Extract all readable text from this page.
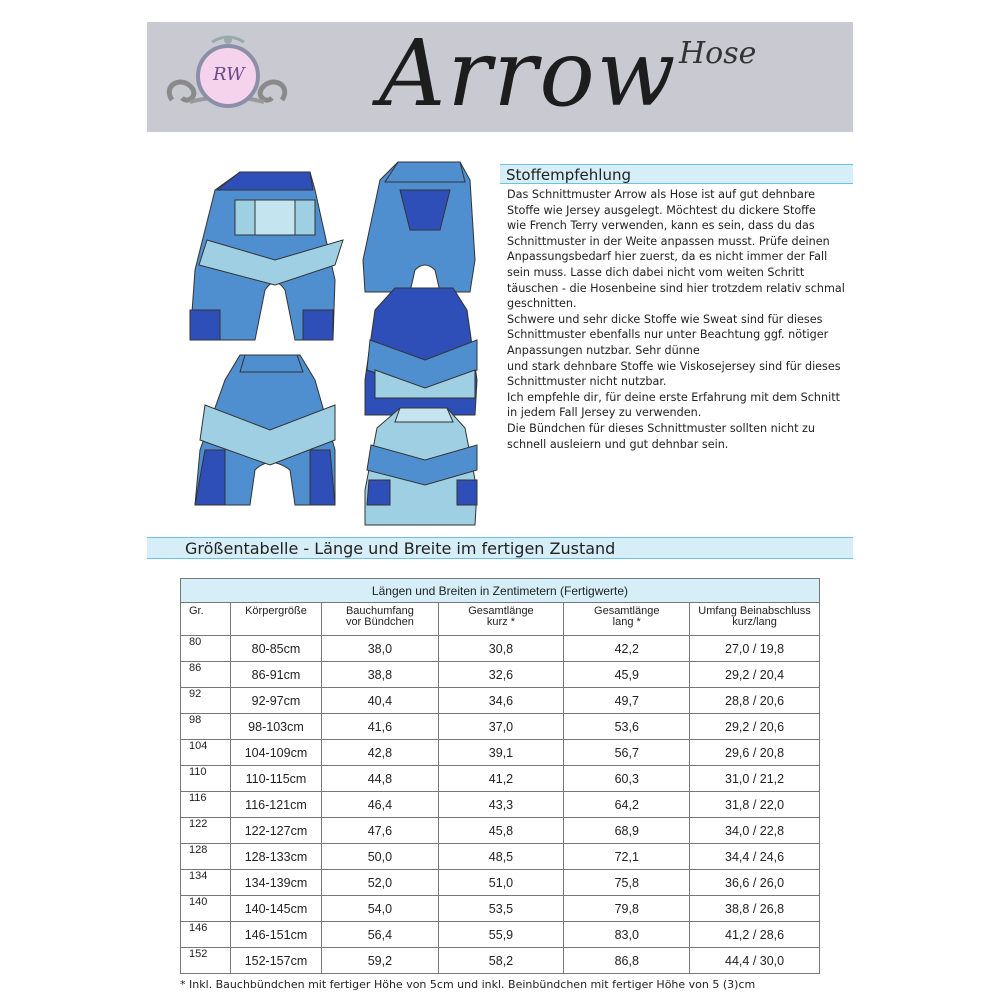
RW Arrow Hose
Stoffempfehlung

Das Schnittmuster Arrow als Hose ist auf gut dehnbare

Stoffe wie Jersey ausgelegt. Möchtest du dickere Stoffe

wie French Terry verwenden, kann es sein, dass du das

Schnittmuster in der Weite anpassen musst. Prüfe deinen

Anpassungsbedarf hier zuerst, da es nicht immer der Fall

sein muss. Lasse dich dabei nicht vom weiten Schritt

täuschen - die Hosenbeine sind hier trotzdem relativ schmal

geschnitten.

Schwere und sehr dicke Stoffe wie Sweat sind für dieses

Schnittmuster ebenfalls nur unter Beachtung ggf. nötiger

Anpassungen nutzbar. Sehr dünne

und stark dehnbare Stoffe wie Viskosejersey sind für dieses

Schnittmuster nicht nutzbar.

Ich empfehle dir, für deine erste Erfahrung mit dem Schnitt

in jedem Fall Jersey zu verwenden.

Die Bündchen für dieses Schnittmuster sollten nicht zu

schnell ausleiern und gut dehnbar sein.

Größentabelle - Länge und Breite im fertigen Zustand
Längen und Breiten in Zentimetern (Fertigwerte)					
Gr.	Körpergröße	Bauchumfang
vor Bündchen	Gesamtlänge
kurz *	Gesamtlänge
lang *	Umfang Beinabschluss
kurz/lang
80	80-85cm	38,0	30,8	42,2	27,0 / 19,8
86	86-91cm	38,8	32,6	45,9	29,2 / 20,4
92	92-97cm	40,4	34,6	49,7	28,8 / 20,6
98	98-103cm	41,6	37,0	53,6	29,2 / 20,6
104	104-109cm	42,8	39,1	56,7	29,6 / 20,8
110	110-115cm	44,8	41,2	60,3	31,0 / 21,2
116	116-121cm	46,4	43,3	64,2	31,8 / 22,0
122	122-127cm	47,6	45,8	68,9	34,0 / 22,8
128	128-133cm	50,0	48,5	72,1	34,4 / 24,6
134	134-139cm	52,0	51,0	75,8	36,6 / 26,0
140	140-145cm	54,0	53,5	79,8	38,8 / 26,8
146	146-151cm	56,4	55,9	83,0	41,2 / 28,6
152	152-157cm	59,2	58,2	86,8	44,4 / 30,0
* Inkl. Bauchbündchen mit fertiger Höhe von 5cm und inkl. Beinbündchen mit fertiger Höhe von 5 (3)cm
